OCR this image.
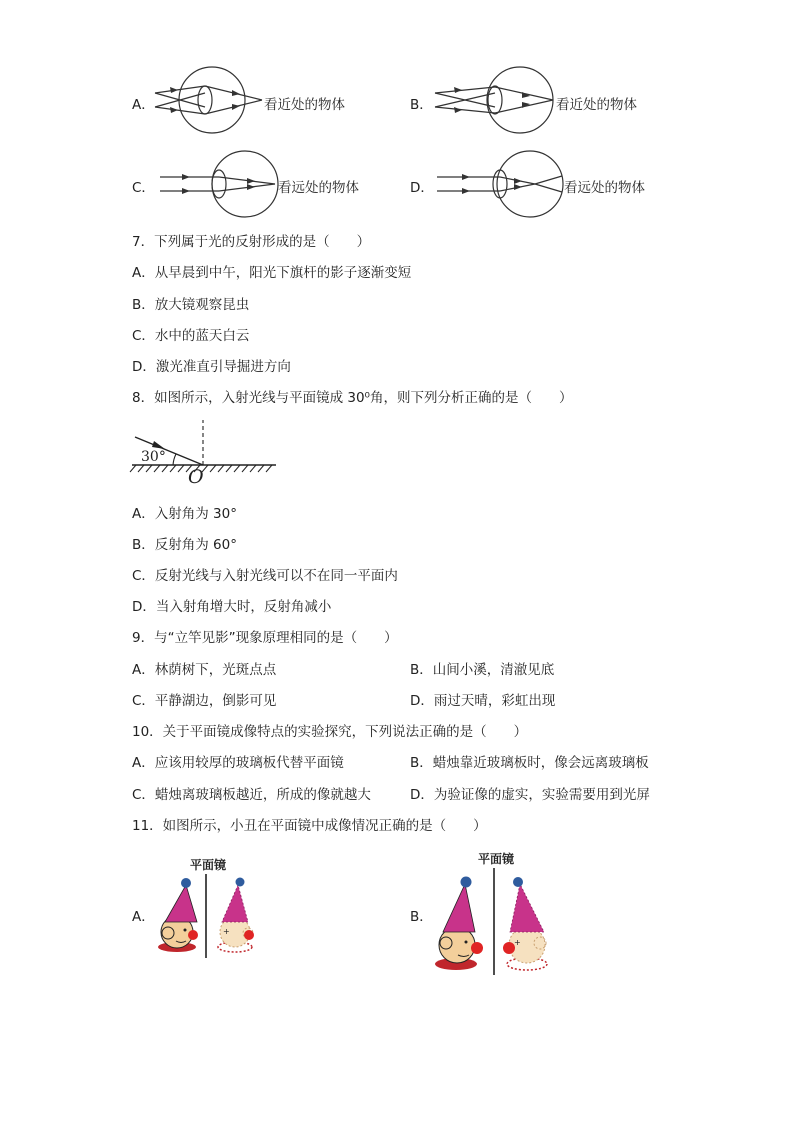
A．	看近处的物体	B．	看近处的物体
C．	看远处的物体	D．	看远处的物体
7．下列属于光的反射形成的是（　　）
A．从早晨到中午，阳光下旗杆的影子逐渐变短
B．放大镜观察昆虫
C．水中的蓝天白云
D．激光准直引导掘进方向
8．如图所示，入射光线与平面镜成 30⁰角，则下列分析正确的是（　　）
30°
O
A．入射角为 30°
B．反射角为 60°
C．反射光线与入射光线可以不在同一平面内
D．当入射角增大时，反射角减小
9．与“立竿见影”现象原理相同的是（　　）
A．林荫树下，光斑点点	B．山间小溪，清澈见底
C．平静湖边，倒影可见	D．雨过天晴，彩虹出现
10．关于平面镜成像特点的实验探究，下列说法正确的是（　　）
A．应该用较厚的玻璃板代替平面镜	B．蜡烛靠近玻璃板时，像会远离玻璃板
C．蜡烛离玻璃板越近，所成的像就越大	D．为验证像的虚实，实验需要用到光屏
11．如图所示，小丑在平面镜中成像情况正确的是（　　）
A．
平面镜
+
B．
平面镜
+
